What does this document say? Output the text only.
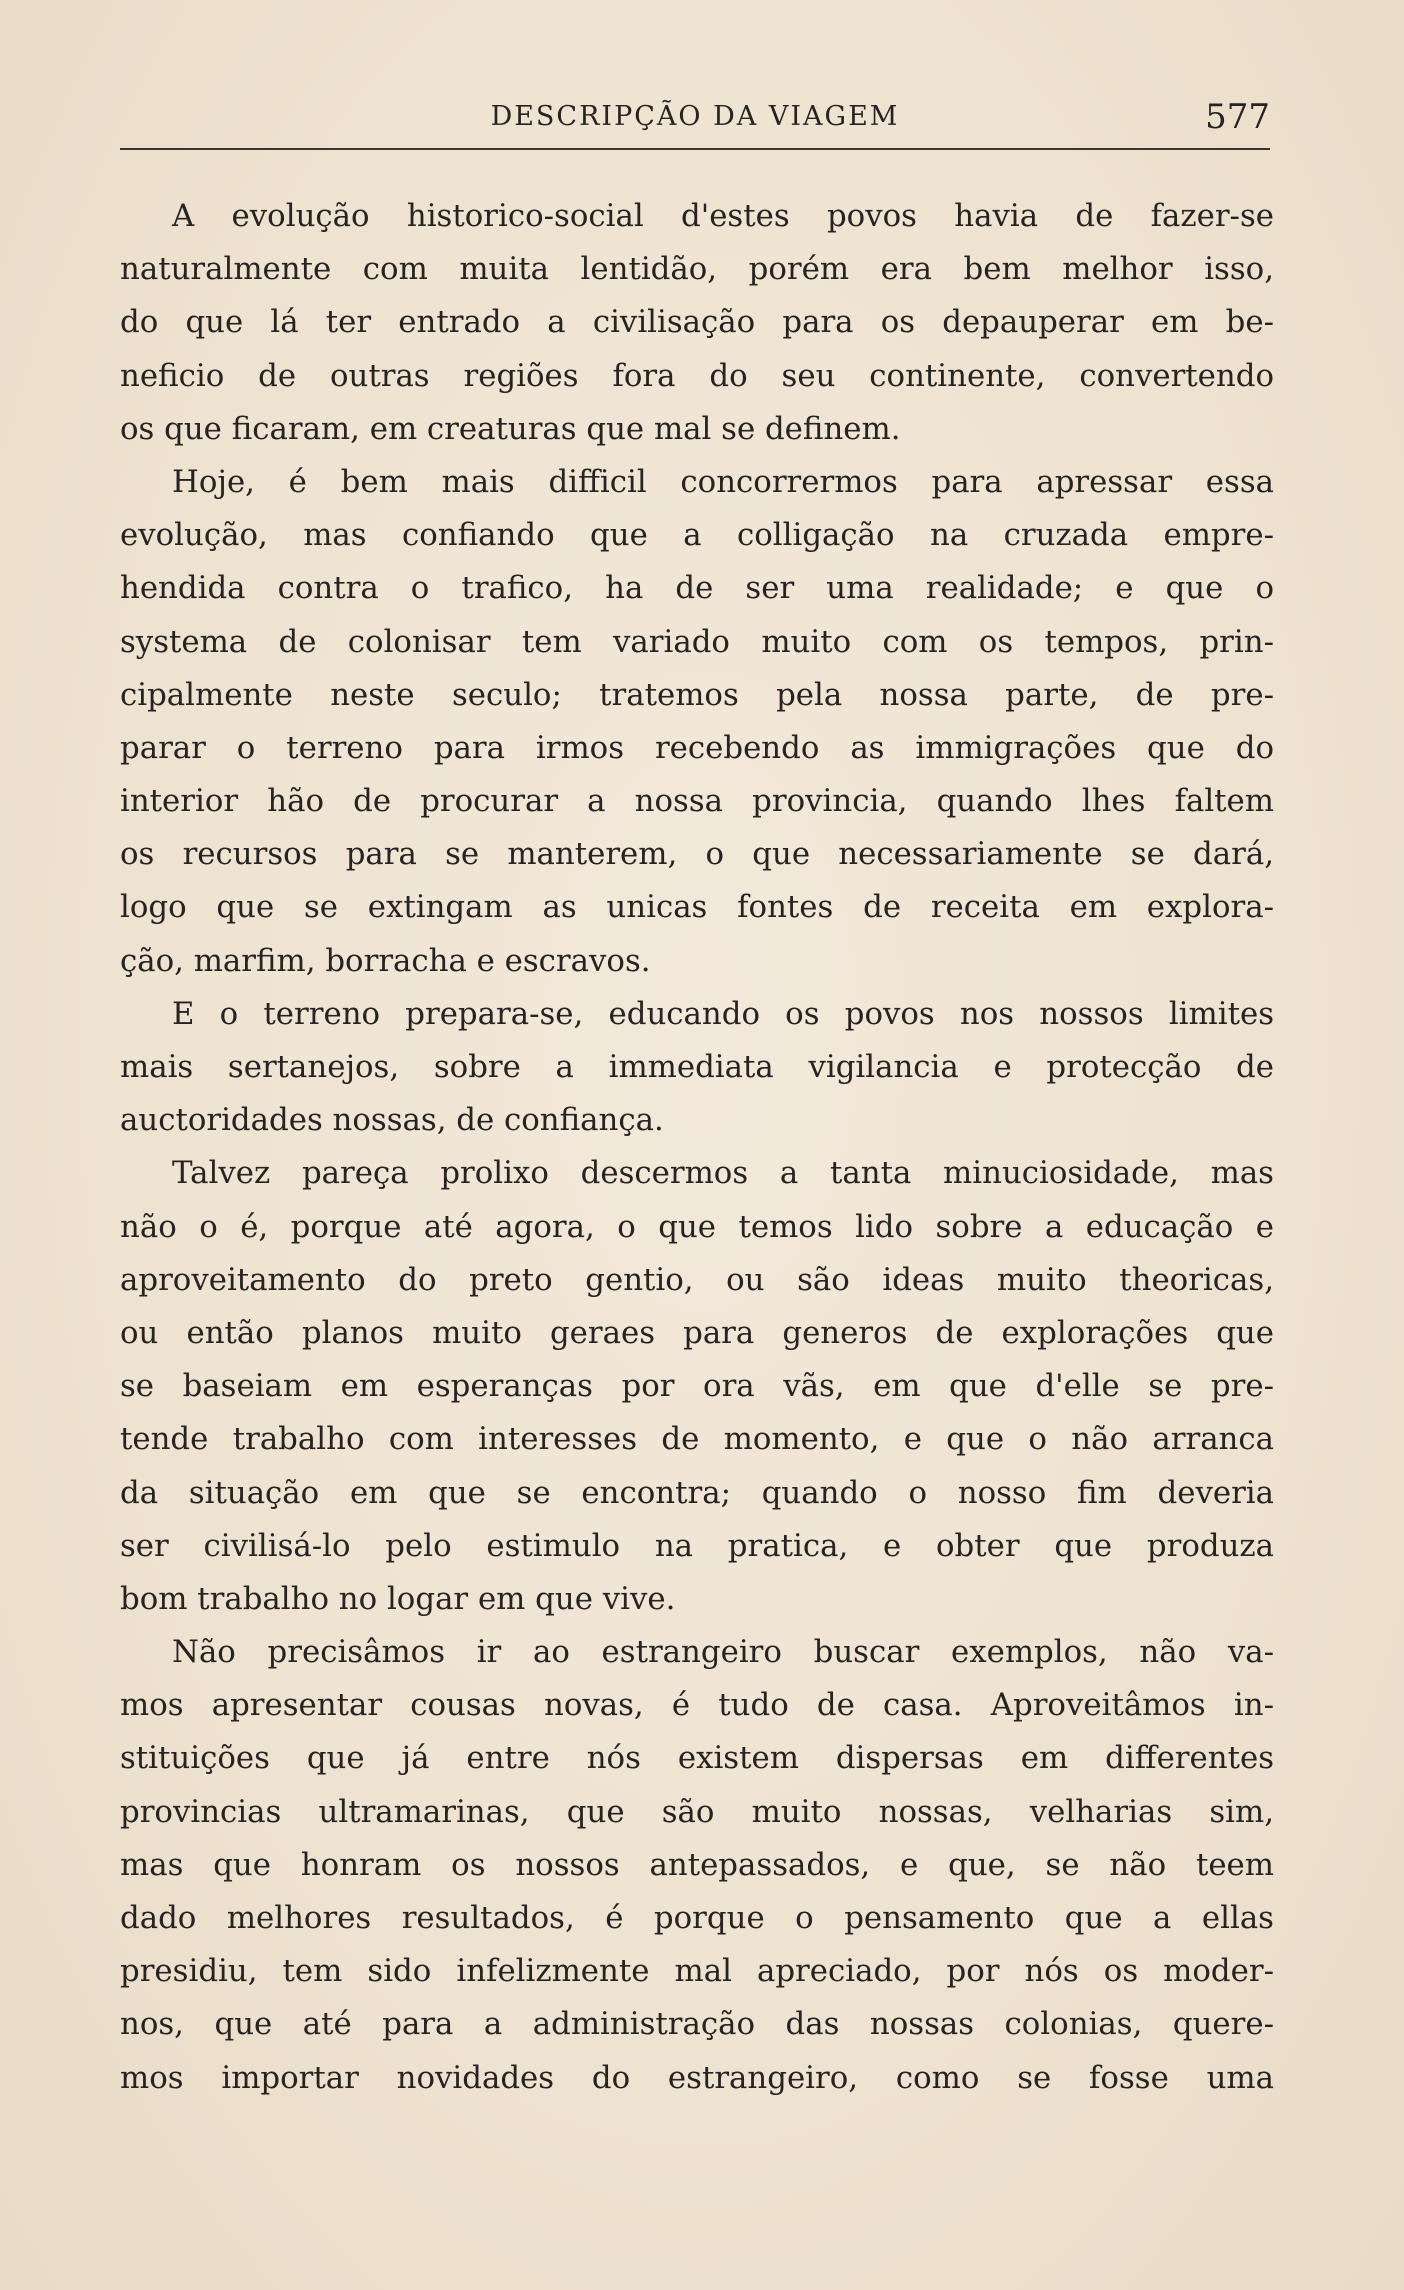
DESCRIPÇÃO DA VIAGEM	577
A evolução historico-social d'estes povos havia de fazer-se
naturalmente com muita lentidão, porém era bem melhor isso,
do que lá ter entrado a civilisação para os depauperar em be-
neficio de outras regiões fora do seu continente, convertendo
os que ficaram, em creaturas que mal se definem.
Hoje, é bem mais difficil concorrermos para apressar essa
evolução, mas confiando que a colligação na cruzada empre-
hendida contra o trafico, ha de ser uma realidade; e que o
systema de colonisar tem variado muito com os tempos, prin-
cipalmente neste seculo; tratemos pela nossa parte, de pre-
parar o terreno para irmos recebendo as immigrações que do
interior hão de procurar a nossa provincia, quando lhes faltem
os recursos para se manterem, o que necessariamente se dará,
logo que se extingam as unicas fontes de receita em explora-
ção, marfim, borracha e escravos.
E o terreno prepara-se, educando os povos nos nossos limites
mais sertanejos, sobre a immediata vigilancia e protecção de
auctoridades nossas, de confiança.
Talvez pareça prolixo descermos a tanta minuciosidade, mas
não o é, porque até agora, o que temos lido sobre a educação e
aproveitamento do preto gentio, ou são ideas muito theoricas,
ou então planos muito geraes para generos de explorações que
se baseiam em esperanças por ora vãs, em que d'elle se pre-
tende trabalho com interesses de momento, e que o não arranca
da situação em que se encontra; quando o nosso fim deveria
ser civilisá-lo pelo estimulo na pratica, e obter que produza
bom trabalho no logar em que vive.
Não precisâmos ir ao estrangeiro buscar exemplos, não va-
mos apresentar cousas novas, é tudo de casa. Aproveitâmos in-
stituições que já entre nós existem dispersas em differentes
provincias ultramarinas, que são muito nossas, velharias sim,
mas que honram os nossos antepassados, e que, se não teem
dado melhores resultados, é porque o pensamento que a ellas
presidiu, tem sido infelizmente mal apreciado, por nós os moder-
nos, que até para a administração das nossas colonias, quere-
mos importar novidades do estrangeiro, como se fosse uma
